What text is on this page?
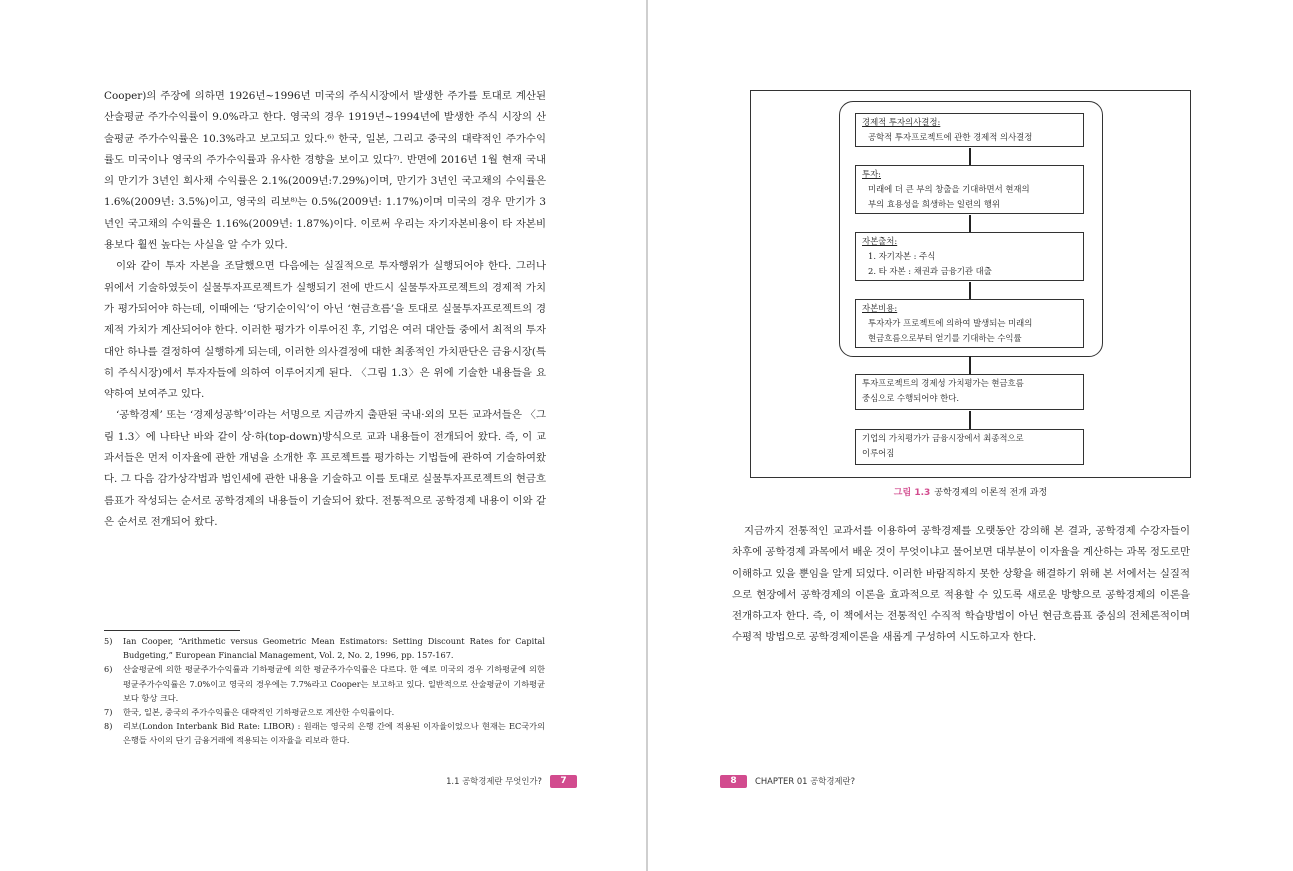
Cooper)의 주장에 의하면 1926년~1996년 미국의 주식시장에서 발생한 주가를 토대로 계산된 산술평균 주가수익률이 9.0%라고 한다. 영국의 경우 1919년~1994년에 발생한 주식 시장의 산술평균 주가수익률은 10.3%라고 보고되고 있다.⁶⁾ 한국, 일본, 그리고 중국의 대략적인 주가수익률도 미국이나 영국의 주가수익률과 유사한 경향을 보이고 있다⁷⁾. 반면에 2016년 1월 현재 국내의 만기가 3년인 회사채 수익률은 2.1%(2009년:7.29%)이며, 만기가 3년인 국고채의 수익률은 1.6%(2009년: 3.5%)이고, 영국의 리보⁸⁾는 0.5%(2009년: 1.17%)이며 미국의 경우 만기가 3년인 국고채의 수익률은 1.16%(2009년: 1.87%)이다. 이로써 우리는 자기자본비용이 타 자본비용보다 훨씬 높다는 사실을 알 수가 있다.

이와 같이 투자 자본을 조달했으면 다음에는 실질적으로 투자행위가 실행되어야 한다. 그러나 위에서 기술하였듯이 실물투자프로젝트가 실행되기 전에 반드시 실물투자프로젝트의 경제적 가치가 평가되어야 하는데, 이때에는 ‘당기순이익’이 아닌 ‘현금흐름’을 토대로 실물투자프로젝트의 경제적 가치가 계산되어야 한다. 이러한 평가가 이루어진 후, 기업은 여러 대안들 중에서 최적의 투자대안 하나를 결정하여 실행하게 되는데, 이러한 의사결정에 대한 최종적인 가치판단은 금융시장(특히 주식시장)에서 투자자들에 의하여 이루어지게 된다. 〈그림 1.3〉은 위에 기술한 내용들을 요약하여 보여주고 있다.

‘공학경제’ 또는 ‘경제성공학’이라는 서명으로 지금까지 출판된 국내·외의 모든 교과서들은 〈그림 1.3〉에 나타난 바와 같이 상·하(top-down)방식으로 교과 내용들이 전개되어 왔다. 즉, 이 교과서들은 먼저 이자율에 관한 개념을 소개한 후 프로젝트를 평가하는 기법들에 관하여 기술하여왔다. 그 다음 감가상각법과 법인세에 관한 내용을 기술하고 이를 토대로 실물투자프로젝트의 현금흐름표가 작성되는 순서로 공학경제의 내용들이 기술되어 왔다. 전통적으로 공학경제 내용이 이와 같은 순서로 전개되어 왔다.

5)	Ian Cooper, “Arithmetic versus Geometric Mean Estimators: Setting Discount Rates for Capital Budgeting,” European Financial Management, Vol. 2, No. 2, 1996, pp. 157-167.
6)	산술평균에 의한 평균주가수익률과 기하평균에 의한 평균주가수익률은 다르다. 한 예로 미국의 경우 기하평균에 의한 평균주가수익률은 7.0%이고 영국의 경우에는 7.7%라고 Cooper는 보고하고 있다. 일반적으로 산술평균이 기하평균보다 항상 크다.
7)	한국, 일본, 중국의 주가수익률은 대략적인 기하평균으로 계산한 수익률이다.
8)	리보(London Interbank Bid Rate: LIBOR) : 원래는 영국의 은행 간에 적용된 이자율이었으나 현재는 EC국가의 은행들 사이의 단기 금융거래에 적용되는 이자율을 리보라 한다.
1.1 공학경제란 무엇인가?	7
경제적 투자의사결정:
공학적 투자프로젝트에 관한 경제적 의사결정
투자:
미래에 더 큰 부의 창출을 기대하면서 현재의
부의 효용성을 희생하는 일련의 행위
자본출처:
1. 자기자본 : 주식
2. 타 자본 : 채권과 금융기관 대출
자본비용:
투자자가 프로젝트에 의하여 발생되는 미래의
현금흐름으로부터 얻기를 기대하는 수익률
투자프로젝트의 경제성 가치평가는 현금흐름
중심으로 수행되어야 한다.
기업의 가치평가가 금융시장에서 최종적으로
이루어짐
그림 1.3 공학경제의 이론적 전개 과정

지금까지 전통적인 교과서를 이용하여 공학경제를 오랫동안 강의해 본 결과, 공학경제 수강자들이 차후에 공학경제 과목에서 배운 것이 무엇이냐고 물어보면 대부분이 이자율을 계산하는 과목 정도로만 이해하고 있을 뿐임을 알게 되었다. 이러한 바람직하지 못한 상황을 해결하기 위해 본 서에서는 실질적으로 현장에서 공학경제의 이론을 효과적으로 적용할 수 있도록 새로운 방향으로 공학경제의 이론을 전개하고자 한다. 즉, 이 책에서는 전통적인 수직적 학습방법이 아닌 현금흐름표 중심의 전체론적이며 수평적 방법으로 공학경제이론을 새롭게 구성하여 시도하고자 한다.

8	CHAPTER 01 공학경제란?
